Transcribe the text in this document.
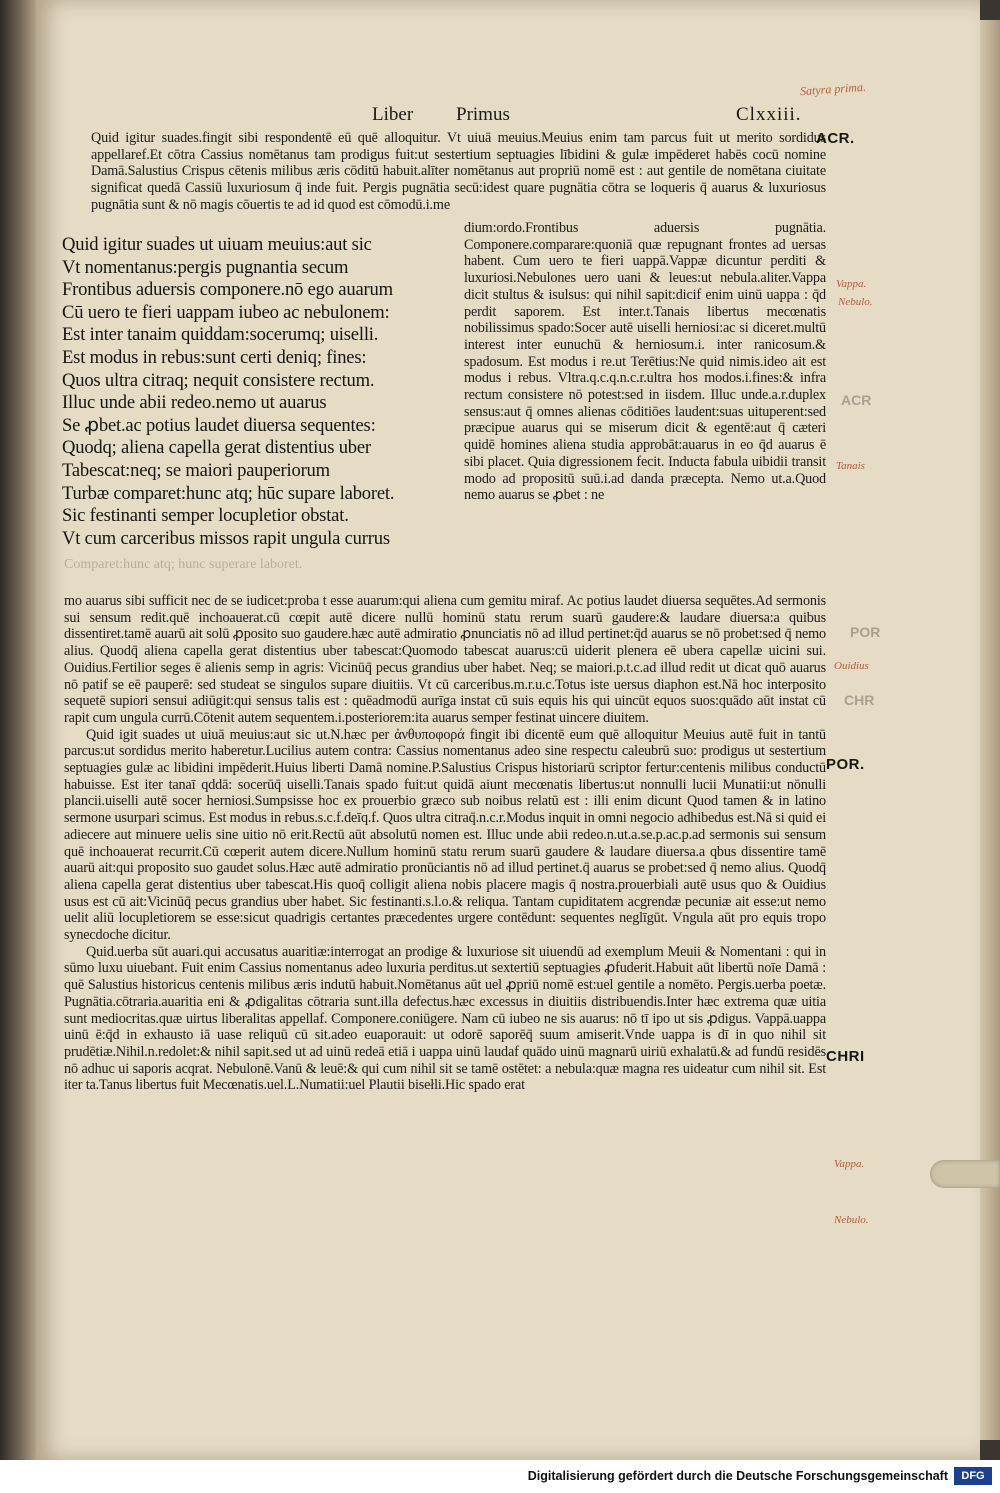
Satyra prima.
Liber Primus	Clxxiii.

Quid igitur suades.fingit sibi respondentē eū quē alloquitur. Vt uiuā meuius.Meuius enim tam parcus fuit ut merito sordidus appellaref.Et cōtra Cassius nomētanus tam prodigus fuit:ut sestertium septuagies lībidini & gulæ impēderet habēs cocū nomine Damā.Salustius Crispus cētenis milibus æris cōditū habuit.alīter nomētanus aut propriū nomē est : aut gentile de nomētana ciuitate significat quedā Cassiū luxuriosum q̄ inde fuit. Pergis pugnātia secū:idest quare pugnātia cōtra se loqueris q̄ auarus & luxuriosus pugnātia sunt & nō magis cōuertis te ad id quod est cōmodū.i.me

Quid igitur suades ut uiuam meuius:aut sic
Vt nomentanus:pergis pugnantia secum
Frontibus aduersis componere.nō ego auarum
Cū uero te fieri uappam iubeo ac nebulonem:
Est inter tanaim quiddam:socerumq; uiselli.
Est modus in rebus:sunt certi deniq; fines:
Quos ultra citraq; nequit consistere rectum.
Illuc unde abii redeo.nemo ut auarus
Se ꝓbet.ac potius laudet diuersa sequentes:
Quodq; aliena capella gerat distentius uber
Tabescat:neq; se maiori pauperiorum
Turbæ comparet:hunc atq; hūc supare laboret.
Sic festinanti semper locupletior obstat.
Vt cum carceribus missos rapit ungula currus

dium:ordo.Frontibus aduersis pugnātia. Componere.comparare:quoniā quæ repugnant frontes ad uersas habent. Cum uero te fieri uappā.Vappæ dicuntur perditi & luxuriosi.Nebulones uero uani & leues:ut nebula.aliter.Vappa dicit stultus & isulsus: qui nihil sapit:dicif enim uinū uappa : q̄d perdit saporem. Est inter.t.Tanais libertus mecœnatis nobilissimus spado:Socer autē uiselli herniosi:ac si diceret.multū interest inter eunuchū & herniosum.i. inter ranicosum.& spadosum. Est modus i re.ut Terētius:Ne quid nimis.ideo ait est modus i rebus. Vltra.q.c.q.n.c.r.ultra hos modos.i.fines:& infra rectum consistere nō potest:sed in iisdem. Illuc unde.a.r.duplex sensus:aut q̄ omnes alienas cōditiōes laudent:suas uituperent:sed præcipue auarus qui se miserum dicit & egentē:aut q̄ cæteri quidē homines aliena studia approbāt:auarus in eo q̄d auarus ē sibi placet. Quia digressionem fecit. Inducta fabula uibidii transit modo ad propositū suū.i.ad danda præcepta. Nemo ut.a.Quod nemo auarus se ꝓbet : ne

Comparet:hunc atq; hunc superare laboret.

mo auarus sibi sufficit nec de se iudicet:proba t esse auarum:qui aliena cum gemitu miraf. Ac potius laudet diuersa sequētes.Ad sermonis sui sensum redit.quē inchoauerat.cū cœpit autē dicere nullū hominū statu rerum suarū gaudere:& laudare diuersa:a quibus dissentiret.tamē auarū ait solū ꝓposito suo gaudere.hæc autē admiratio ꝓnunciatis nō ad illud pertinet:q̄d auarus se nō probet:sed q̄ nemo alius. Quodq̄ aliena capella gerat distentius uber tabescat:Quomodo tabescat auarus:cū uiderit plenera eē ubera capellæ uicini sui. Ouidius.Fertilior seges ē alienis semp in agris: Vicinūq̄ pecus grandius uber habet. Neq; se maiori.p.t.c.ad illud redit ut dicat quō auarus nō patif se eē pauperē: sed studeat se singulos supare diuitiis. Vt cū carceribus.m.r.u.c.Totus iste uersus diaphon est.Nā hoc interposito sequetē supiori sensui adiūgit:qui sensus talis est : quēadmodū aurīga instat cū suis equis his qui uincūt equos suos:quādo aūt instat cū rapit cum ungula currū.Cōtenit autem sequentem.i.posteriorem:ita auarus semper festinat uincere diuitem.

Quid igit suades ut uiuā meuius:aut sic ut.N.hæc per ἀνθυποφορά fingit ibi dicentē eum quē alloquitur Meuius autē fuit in tantū parcus:ut sordidus merito haberetur.Lucilius autem contra: Cassius nomentanus adeo sine respectu caleubrū suo: prodigus ut sestertium septuagies gulæ ac libidini impēderit.Huius liberti Damā nomine.P.Salustius Crispus historiarū scriptor fertur:centenis milibus conductū habuisse. Est iter tanaī qddā: socerūq̄ uiselli.Tanais spado fuit:ut quidā aiunt mecœnatis libertus:ut nonnulli lucii Munatii:ut nōnulli plancii.uiselli autē socer herniosi.Sumpsisse hoc ex prouerbio græco sub noibus relatū est : illi enim dicunt Quod tamen & in latino sermone usurpari scimus. Est modus in rebus.s.c.f.deīq.f. Quos ultra citraq̄.n.c.r.Modus inquit in omni negocio adhibedus est.Nā si quid ei adiecere aut minuere uelis sine uitio nō erit.Rectū aūt absolutū nomen est. Illuc unde abii redeo.n.ut.a.se.p.ac.p.ad sermonis sui sensum quē inchoauerat recurrit.Cū cœperit autem dicere.Nullum hominū statu rerum suarū gaudere & laudare diuersa.a qbus dissentire tamē auarū ait:qui proposito suo gaudet solus.Hæc autē admiratio pronūciantis nō ad illud pertinet.q̄ auarus se probet:sed q̄ nemo alius. Quodq̄ aliena capella gerat distentius uber tabescat.His quoq̄ colligit aliena nobis placere magis q̄ nostra.prouerbiali autē usus quo & Ouidius usus est cū ait:Vicinūq̄ pecus grandius uber habet. Sic festinanti.s.l.o.& reliqua. Tantam cupiditatem acgrendæ pecuniæ ait esse:ut nemo uelit aliū locupletiorem se esse:sicut quadrigis certantes præcedentes urgere contēdunt: sequentes neglīgūt. Vngula aūt pro equis tropo synecdoche dicitur.

Quid.uerba sūt auari.qui accusatus auaritiæ:interrogat an prodige & luxuriose sit uiuendū ad exemplum Meuii & Nomentani : qui in sūmo luxu uiuebant. Fuit enim Cassius nomentanus adeo luxuria perditus.ut sextertiū septuagies ꝓfuderit.Habuit aūt libertū noīe Damā : quē Salustius historicus centenis milibus æris indutū habuit.Nomētanus aūt uel ꝓpriū nomē est:uel gentile a nomēto. Pergis.uerba poetæ. Pugnātia.cōtraria.auaritia eni & ꝓdigalitas cōtraria sunt.illa defectus.hæc excessus in diuitiis distribuendis.Inter hæc extrema quæ uitia sunt mediocritas.quæ uirtus liberalitas appellaf. Componere.coniūgere. Nam cū iubeo ne sis auarus: nō tī ipo ut sis ꝓdigus. Vappā.uappa uinū ē:q̄d in exhausto iā uase reliquū cū sit.adeo euaporauit: ut odorē saporēq̄ suum amiserit.Vnde uappa is dī in quo nihil sit prudētiæ.Nihil.n.redolet:& nihil sapit.sed ut ad uinū redeā etiā i uappa uinū laudaf quādo uinū magnarū uiriū exhalatū.& ad fundū residēs nō adhuc ui saporis acqrat. Nebulonē.Vanū & leuē:& qui cum nihil sit se tamē ostētet: a nebula:quæ magna res uideatur cum nihil sit. Est iter ta.Tanus libertus fuit Mecœnatis.uel.L.Numatii:uel Plautii bisełli.Hic spado erat

ACR.
ACR
POR
CHR
POR.
CHRI
Vappa.
Nebulo.
Tanais
Ouidius
Vappa.
Nebulo.
Digitalisierung gefördert durch die Deutsche Forschungsgemeinschaft	DFG
